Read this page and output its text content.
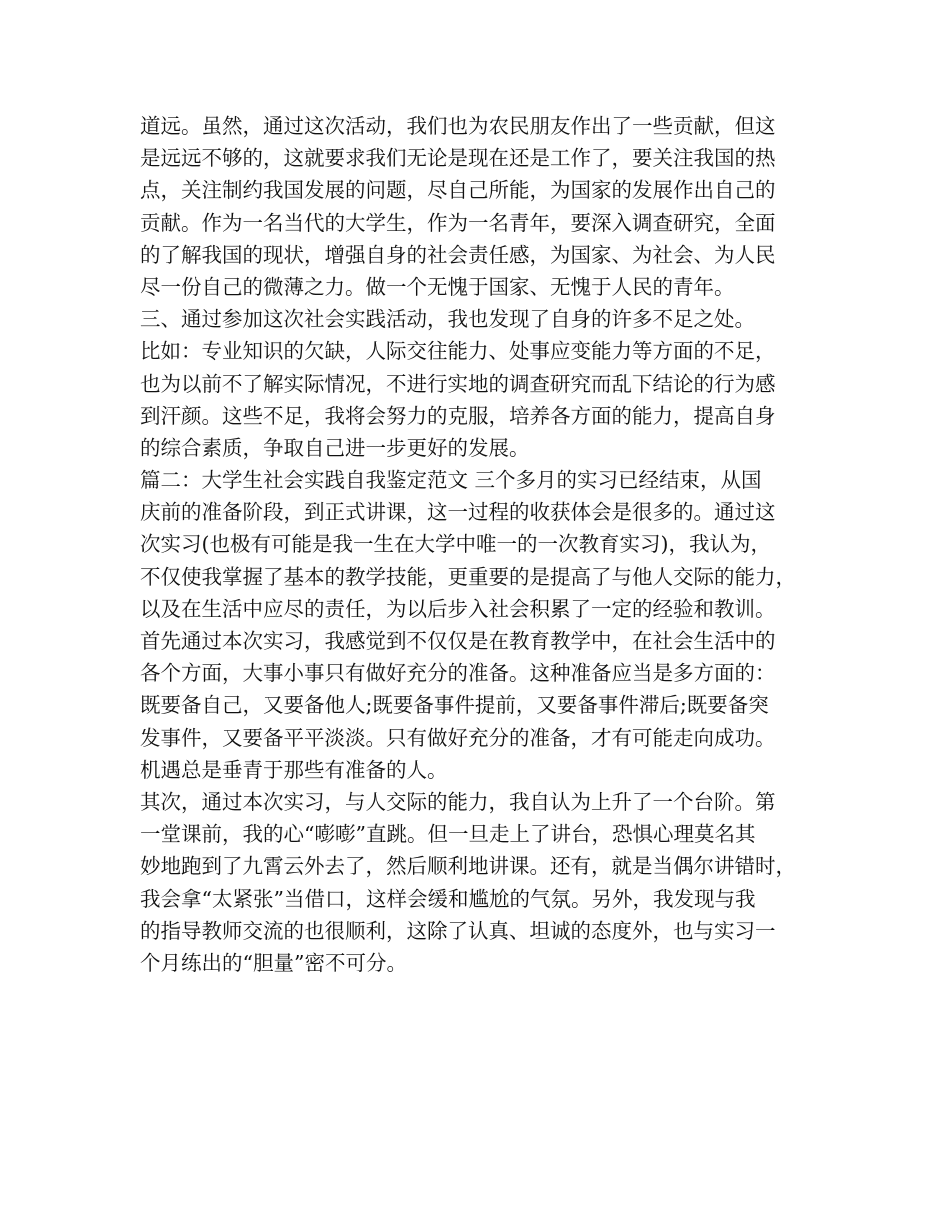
道远。虽然，通过这次活动，我们也为农民朋友作出了一些贡献，但这
是远远不够的，这就要求我们无论是现在还是工作了，要关注我国的热
点，关注制约我国发展的问题，尽自己所能，为国家的发展作出自己的
贡献。作为一名当代的大学生，作为一名青年，要深入调查研究，全面
的了解我国的现状，增强自身的社会责任感，为国家、为社会、为人民
尽一份自己的微薄之力。做一个无愧于国家、无愧于人民的青年。
三、通过参加这次社会实践活动，我也发现了自身的许多不足之处。
比如：专业知识的欠缺，人际交往能力、处事应变能力等方面的不足，
也为以前不了解实际情况，不进行实地的调查研究而乱下结论的行为感
到汗颜。这些不足，我将会努力的克服，培养各方面的能力，提高自身
的综合素质，争取自己进一步更好的发展。
篇二：大学生社会实践自我鉴定范文 三个多月的实习已经结束，从国
庆前的准备阶段，到正式讲课，这一过程的收获体会是很多的。通过这
次实习(也极有可能是我一生在大学中唯一的一次教育实习)，我认为，
不仅使我掌握了基本的教学技能，更重要的是提高了与他人交际的能力，
以及在生活中应尽的责任，为以后步入社会积累了一定的经验和教训。
首先通过本次实习，我感觉到不仅仅是在教育教学中，在社会生活中的
各个方面，大事小事只有做好充分的准备。这种准备应当是多方面的：
既要备自己，又要备他人;既要备事件提前，又要备事件滞后;既要备突
发事件，又要备平平淡淡。只有做好充分的准备，才有可能走向成功。
机遇总是垂青于那些有准备的人。
其次，通过本次实习，与人交际的能力，我自认为上升了一个台阶。第
一堂课前，我的心“嘭嘭”直跳。但一旦走上了讲台，恐惧心理莫名其
妙地跑到了九霄云外去了，然后顺利地讲课。还有，就是当偶尔讲错时，
我会拿“太紧张”当借口，这样会缓和尴尬的气氛。另外，我发现与我
的指导教师交流的也很顺利，这除了认真、坦诚的态度外，也与实习一
个月练出的“胆量”密不可分。
